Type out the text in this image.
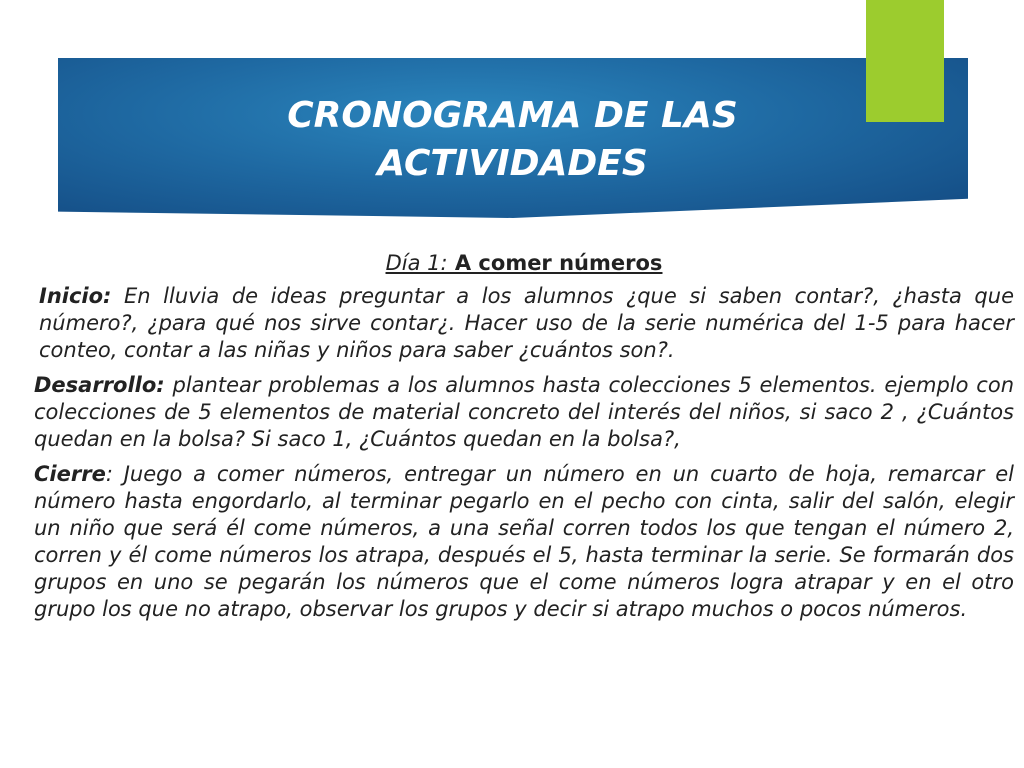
CRONOGRAMA DE LAS
ACTIVIDADES
Día 1: A comer números

Inicio: En lluvia de ideas preguntar a los alumnos ¿que si saben contar?, ¿hasta que número?, ¿para qué nos sirve contar¿. Hacer uso de la serie numérica del 1-5 para hacer conteo, contar a las niñas y niños para saber ¿cuántos son?.

Desarrollo: plantear problemas a los alumnos hasta colecciones 5 elementos. ejemplo con colecciones de 5 elementos de material concreto del interés del niños, si saco 2 , ¿Cuántos quedan en la bolsa? Si saco 1, ¿Cuántos quedan en la bolsa?,

Cierre: Juego a comer números, entregar un número en un cuarto de hoja, remarcar el número hasta engordarlo, al terminar pegarlo en el pecho con cinta, salir del salón, elegir un niño que será él come números, a una señal corren todos los que tengan el número 2, corren y él come números los atrapa, después el 5, hasta terminar la serie. Se formarán dos grupos en uno se pegarán los números que el come números logra atrapar y en el otro grupo los que no atrapo, observar los grupos y decir si atrapo muchos o pocos números.
